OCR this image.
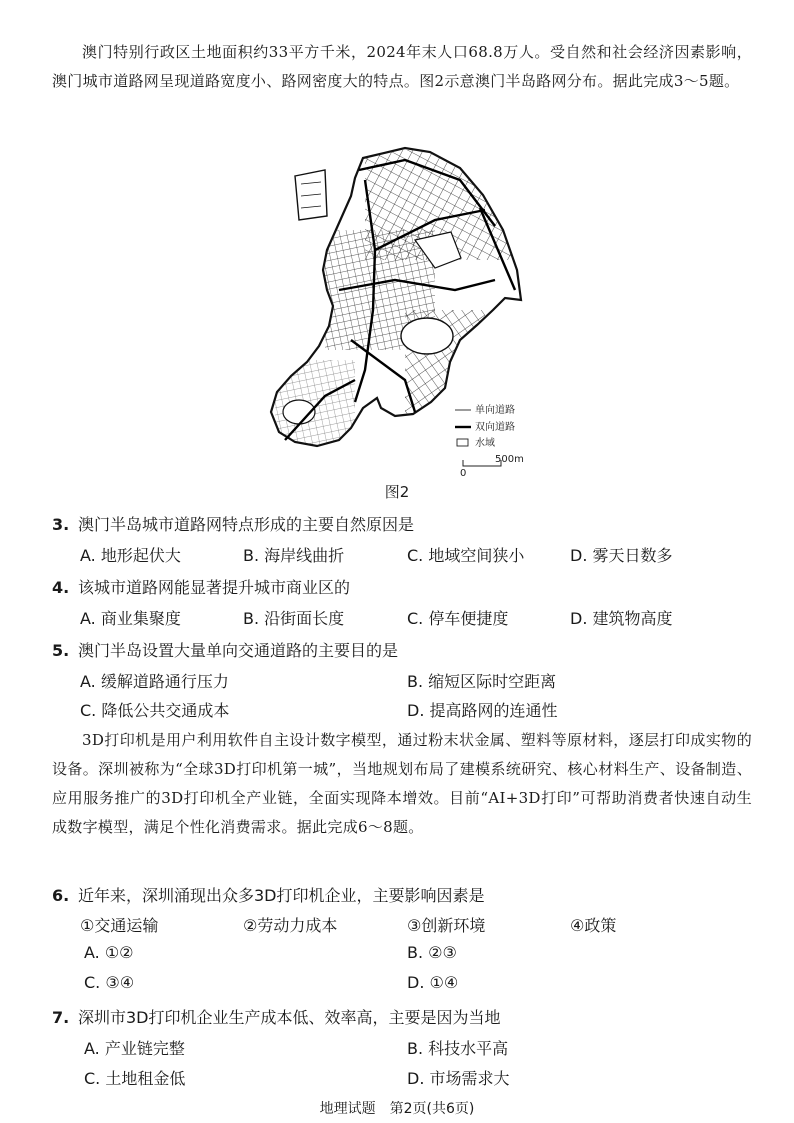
澳门特别行政区土地面积约33平方千米，2024年末人口68.8万人。受自然和社会经济因素影响，澳门城市道路网呈现道路宽度小、路网密度大的特点。图2示意澳门半岛路网分布。据此完成3～5题。

单向道路
双向道路
水域
0
500m
图2
3. 澳门半岛城市道路网特点形成的主要自然原因是
A. 地形起伏大	B. 海岸线曲折	C. 地域空间狭小	D. 雾天日数多
4. 该城市道路网能显著提升城市商业区的
A. 商业集聚度	B. 沿街面长度	C. 停车便捷度	D. 建筑物高度
5. 澳门半岛设置大量单向交通道路的主要目的是
A. 缓解道路通行压力	B. 缩短区际时空距离
C. 降低公共交通成本	D. 提高路网的连通性

3D打印机是用户利用软件自主设计数字模型，通过粉末状金属、塑料等原材料，逐层打印成实物的设备。深圳被称为“全球3D打印机第一城”，当地规划布局了建模系统研究、核心材料生产、设备制造、应用服务推广的3D打印机全产业链，全面实现降本增效。目前“AI+3D打印”可帮助消费者快速自动生成数字模型，满足个性化消费需求。据此完成6～8题。

6. 近年来，深圳涌现出众多3D打印机企业，主要影响因素是
①交通运输	②劳动力成本	③创新环境	④政策
A. ①②	B. ②③
C. ③④	D. ①④
7. 深圳市3D打印机企业生产成本低、效率高，主要是因为当地
A. 产业链完整	B. 科技水平高
C. 土地租金低	D. 市场需求大
地理试题　第2页(共6页)
